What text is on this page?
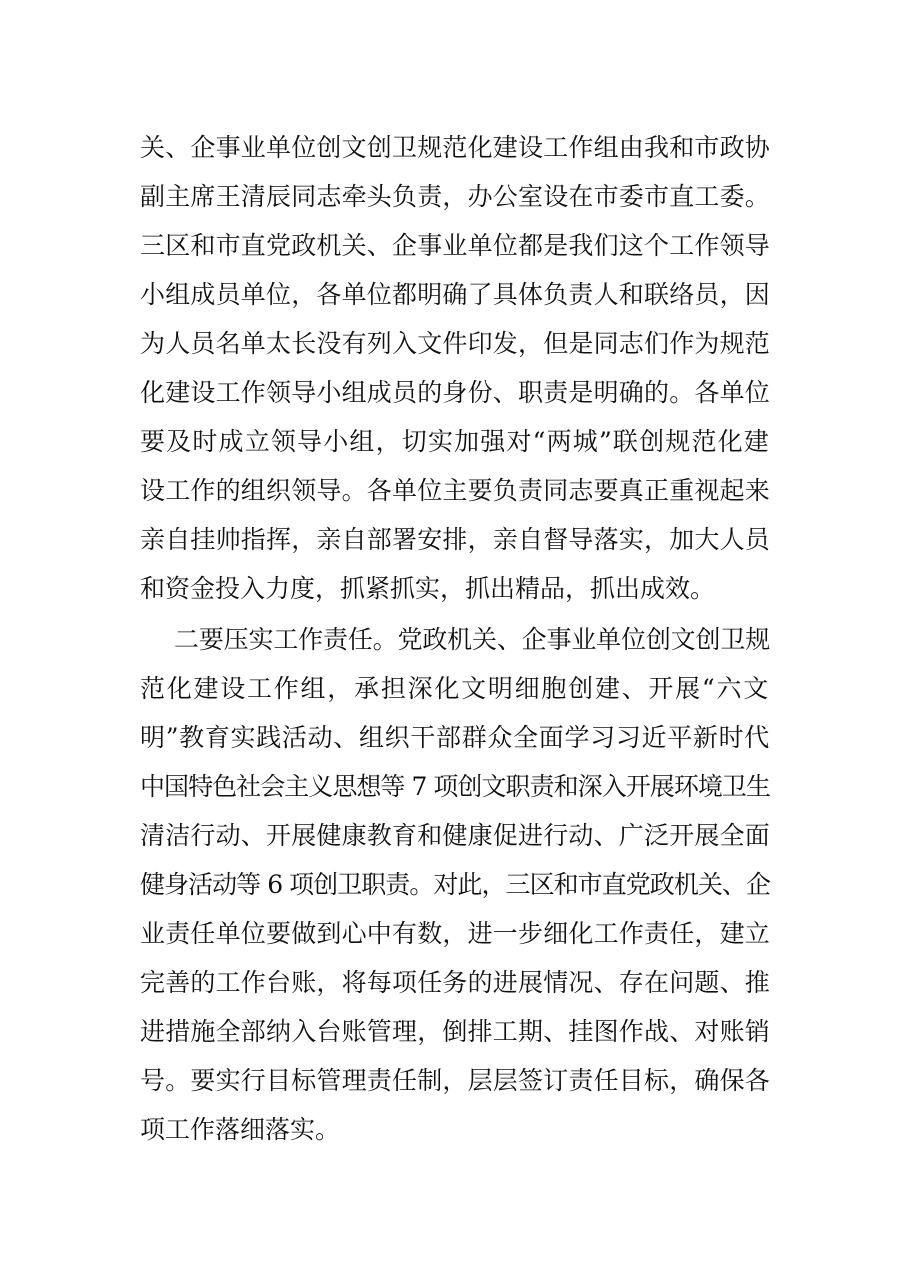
关、企事业单位创文创卫规范化建设工作组由我和市政协

副主席王清辰同志牵头负责，办公室设在市委市直工委。

三区和市直党政机关、企事业单位都是我们这个工作领导

小组成员单位，各单位都明确了具体负责人和联络员，因

为人员名单太长没有列入文件印发，但是同志们作为规范

化建设工作领导小组成员的身份、职责是明确的。各单位

要及时成立领导小组，切实加强对“两城”联创规范化建

设工作的组织领导。各单位主要负责同志要真正重视起来

亲自挂帅指挥，亲自部署安排，亲自督导落实，加大人员

和资金投入力度，抓紧抓实，抓出精品，抓出成效。

二要压实工作责任。党政机关、企事业单位创文创卫规

范化建设工作组，承担深化文明细胞创建、开展“六文

明”教育实践活动、组织干部群众全面学习习近平新时代

中国特色社会主义思想等 7 项创文职责和深入开展环境卫生

清洁行动、开展健康教育和健康促进行动、广泛开展全面

健身活动等 6 项创卫职责。对此，三区和市直党政机关、企

业责任单位要做到心中有数，进一步细化工作责任，建立

完善的工作台账，将每项任务的进展情况、存在问题、推

进措施全部纳入台账管理，倒排工期、挂图作战、对账销

号。要实行目标管理责任制，层层签订责任目标，确保各

项工作落细落实。
